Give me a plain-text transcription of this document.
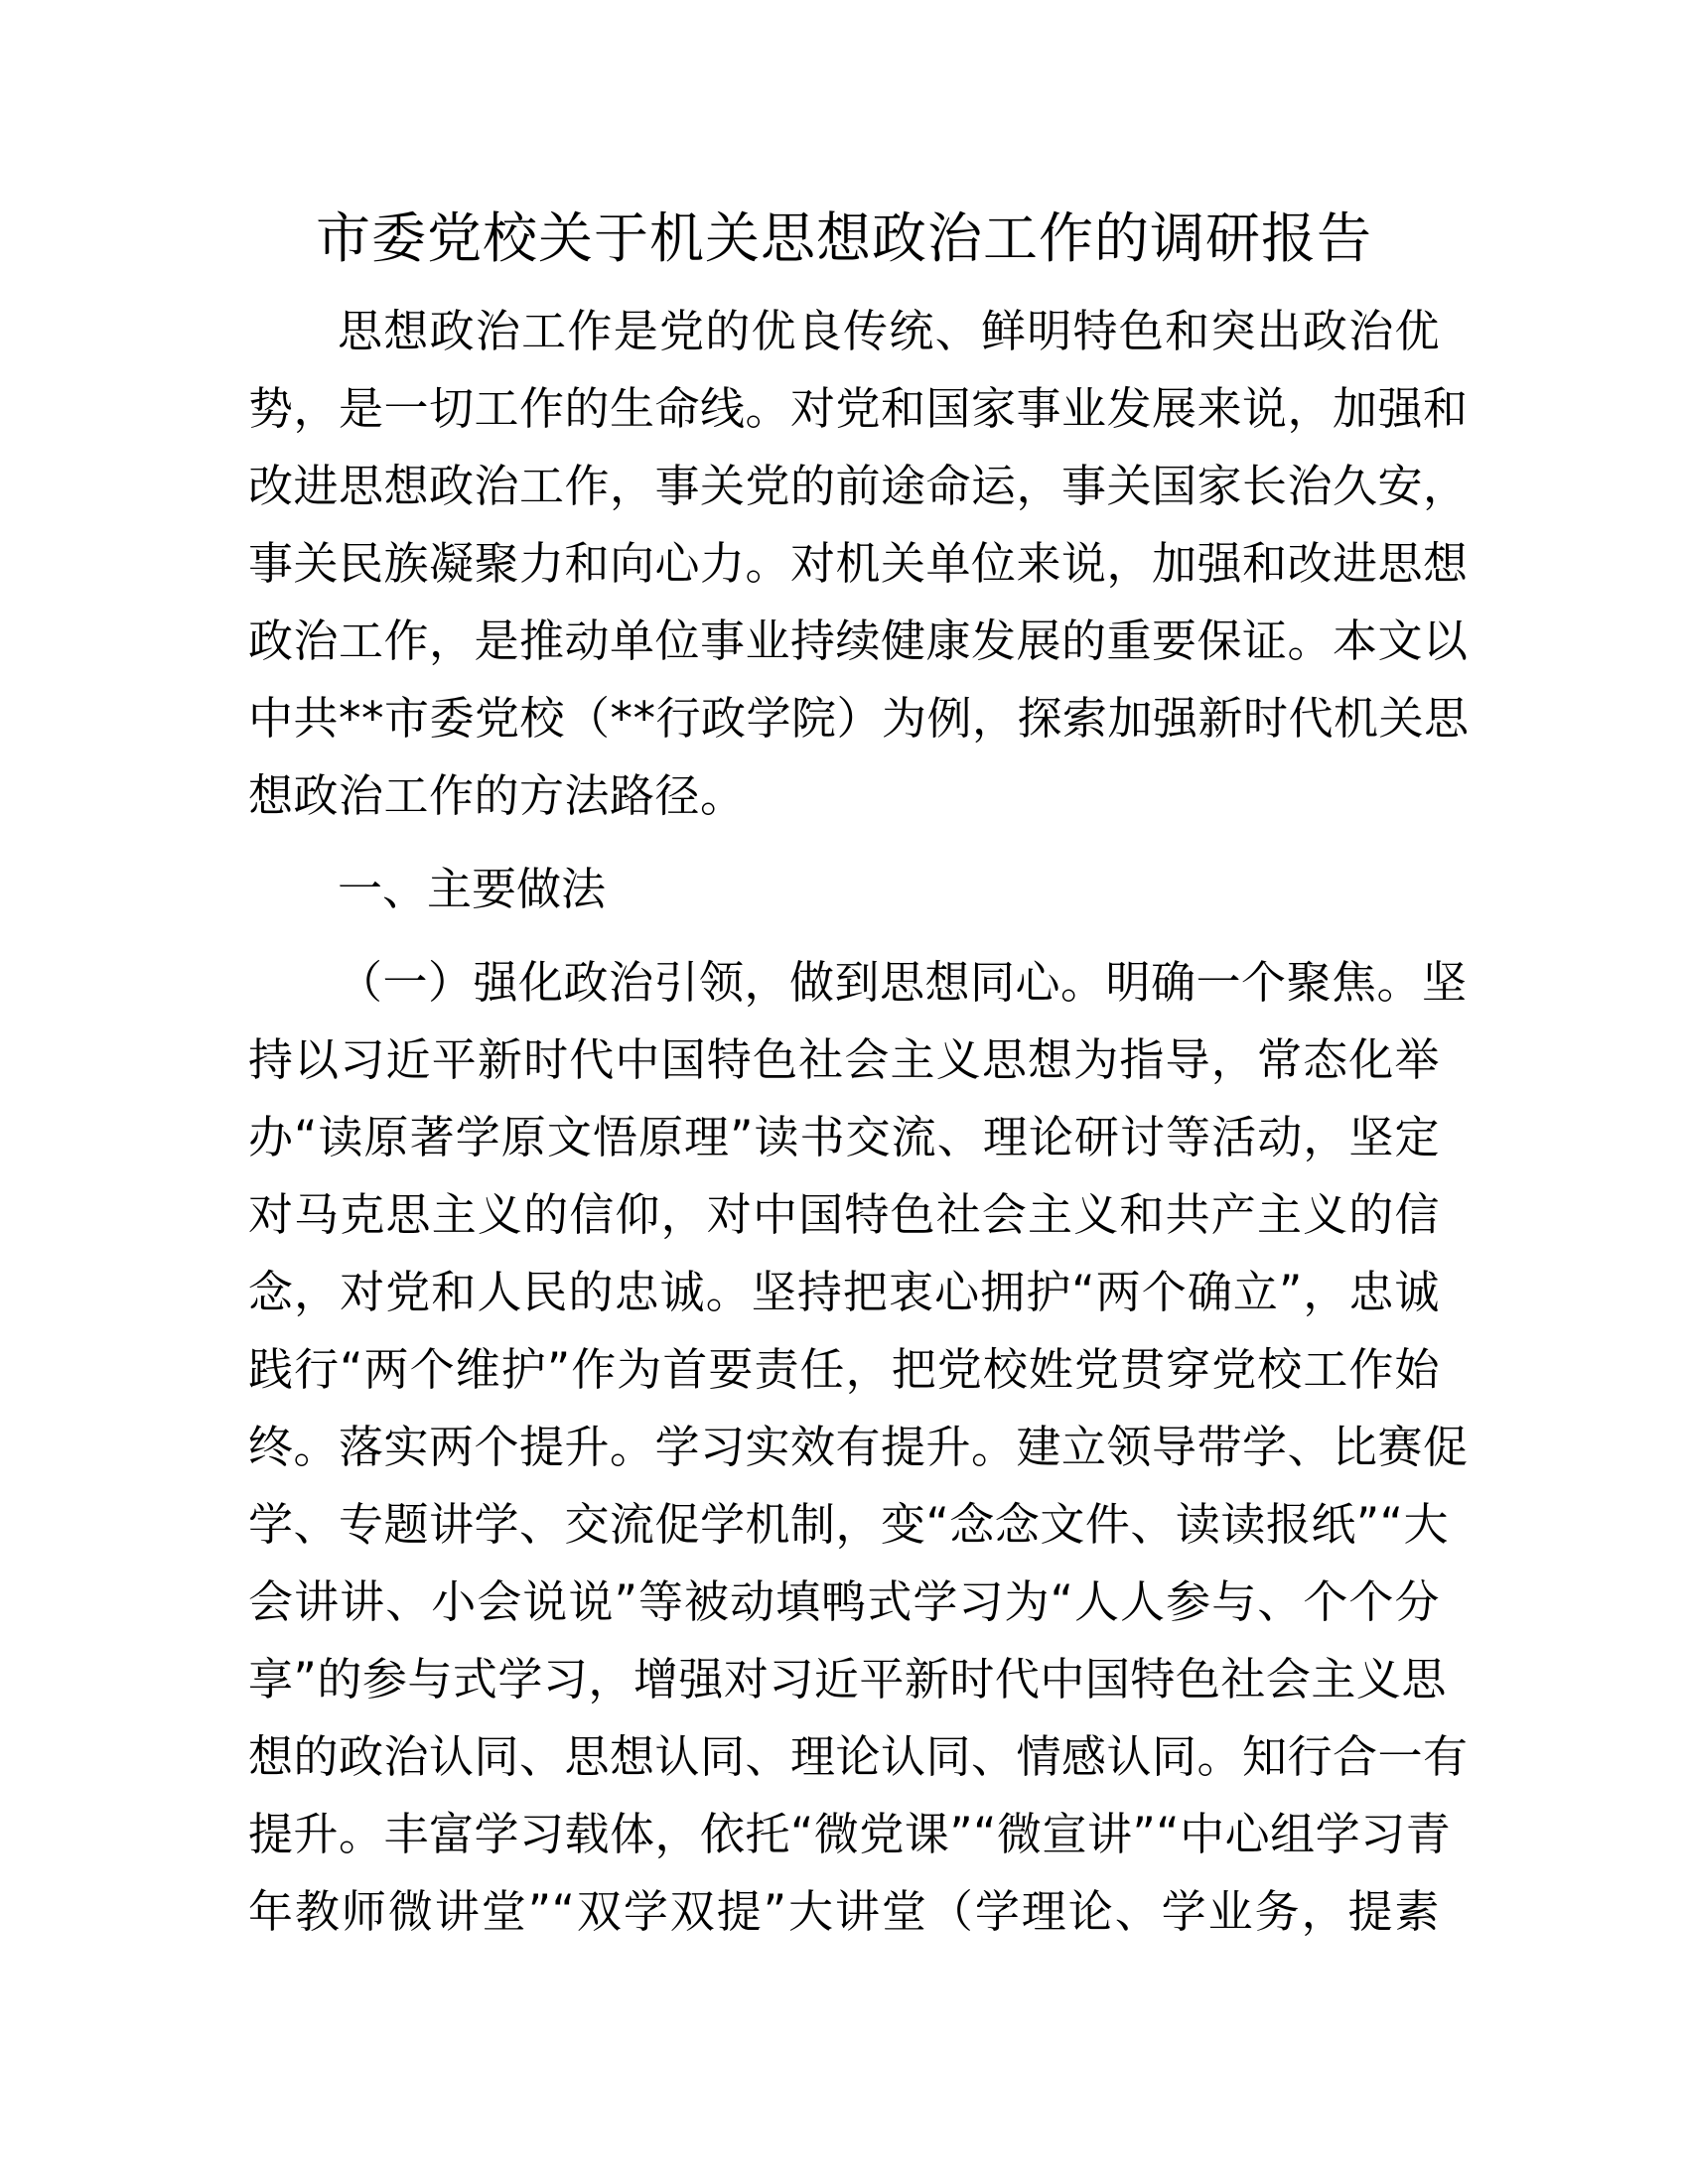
市委党校关于机关思想政治工作的调研报告
思想政治工作是党的优良传统、鲜明特色和突出政治优
势，是一切工作的生命线。对党和国家事业发展来说，加强和
改进思想政治工作，事关党的前途命运，事关国家长治久安，
事关民族凝聚力和向心力。对机关单位来说，加强和改进思想
政治工作，是推动单位事业持续健康发展的重要保证。本文以
中共**市委党校（**行政学院）为例，探索加强新时代机关思
想政治工作的方法路径。
一、主要做法
（一）强化政治引领，做到思想同心。明确一个聚焦。坚
持以习近平新时代中国特色社会主义思想为指导，常态化举
办“读原著学原文悟原理”读书交流、理论研讨等活动，坚定
对马克思主义的信仰，对中国特色社会主义和共产主义的信
念，对党和人民的忠诚。坚持把衷心拥护“两个确立”，忠诚
践行“两个维护”作为首要责任，把党校姓党贯穿党校工作始
终。落实两个提升。学习实效有提升。建立领导带学、比赛促
学、专题讲学、交流促学机制，变“念念文件、读读报纸”“大
会讲讲、小会说说”等被动填鸭式学习为“人人参与、个个分
享”的参与式学习，增强对习近平新时代中国特色社会主义思
想的政治认同、思想认同、理论认同、情感认同。知行合一有
提升。丰富学习载体，依托“微党课”“微宣讲”“中心组学习青
年教师微讲堂”“双学双提”大讲堂（学理论、学业务，提素
